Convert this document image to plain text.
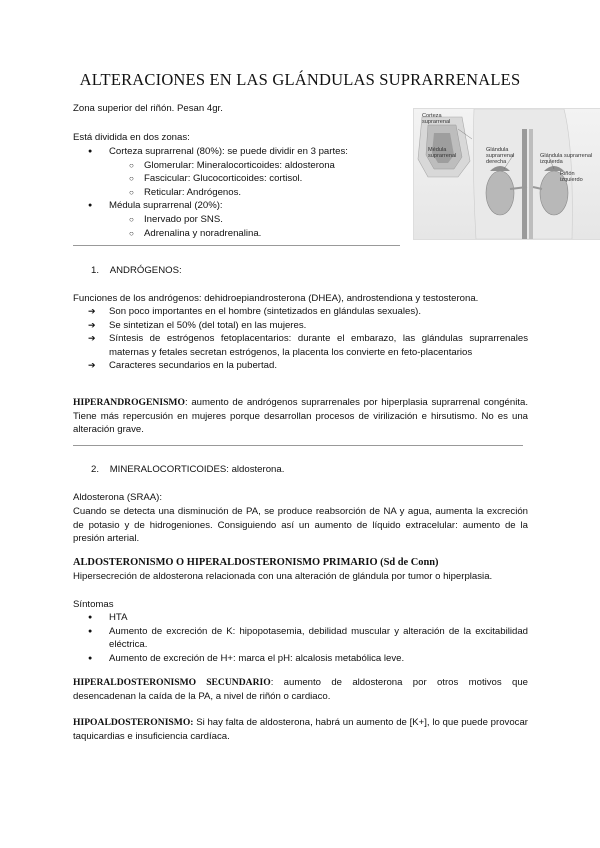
ALTERACIONES EN LAS GLÁNDULAS SUPRARRENALES
Zona superior del riñón. Pesan 4gr.
Está dividida en dos zonas:
● Corteza suprarrenal (80%): se puede dividir en 3 partes:
○ Glomerular: Mineralocorticoides: aldosterona
○ Fascicular: Glucocorticoides: cortisol.
○ Reticular: Andrógenos.
● Médula suprarrenal (20%):
○ Inervado por SNS.
○ Adrenalina y noradrenalina.
Corteza suprarrenal
Médula suprarrenal
Glándula suprarrenal derecha
Glándula suprarrenal izquierda
Riñón izquierdo
1. ANDRÓGENOS:
Funciones de los andrógenos: dehidroepiandrosterona (DHEA), androstendiona y testosterona.
➔ Son poco importantes en el hombre (sintetizados en glándulas sexuales).
➔ Se sintetizan el 50% (del total) en las mujeres.
➔ Síntesis de estrógenos fetoplacentarios: durante el embarazo, las glándulas suprarrenales maternas y fetales secretan estrógenos, la placenta los convierte en feto-placentarios
➔ Caracteres secundarios en la pubertad.
HIPERANDROGENISMO: aumento de andrógenos suprarrenales por hiperplasia suprarrenal congénita. Tiene más repercusión en mujeres porque desarrollan procesos de virilización e hirsutismo. No es una alteración grave.
2. MINERALOCORTICOIDES: aldosterona.
Aldosterona (SRAA):
Cuando se detecta una disminución de PA, se produce reabsorción de NA y agua, aumenta la excreción de potasio y de hidrogeniones. Consiguiendo así un aumento de líquido extracelular: aumento de la presión arterial.
ALDOSTERONISMO O HIPERALDOSTERONISMO PRIMARIO (Sd de Conn)
Hipersecreción de aldosterona relacionada con una alteración de glándula por tumor o hiperplasia.
Síntomas
● HTA
● Aumento de excreción de K: hipopotasemia, debilidad muscular y alteración de la excitabilidad eléctrica.
● Aumento de excreción de H+: marca el pH: alcalosis metabólica leve.
HIPERALDOSTERONISMO SECUNDARIO: aumento de aldosterona por otros motivos que desencadenan la caída de la PA, a nivel de riñón o cardiaco.
HIPOALDOSTERONISMO: Si hay falta de aldosterona, habrá un aumento de [K+], lo que puede provocar taquicardias e insuficiencia cardíaca.
